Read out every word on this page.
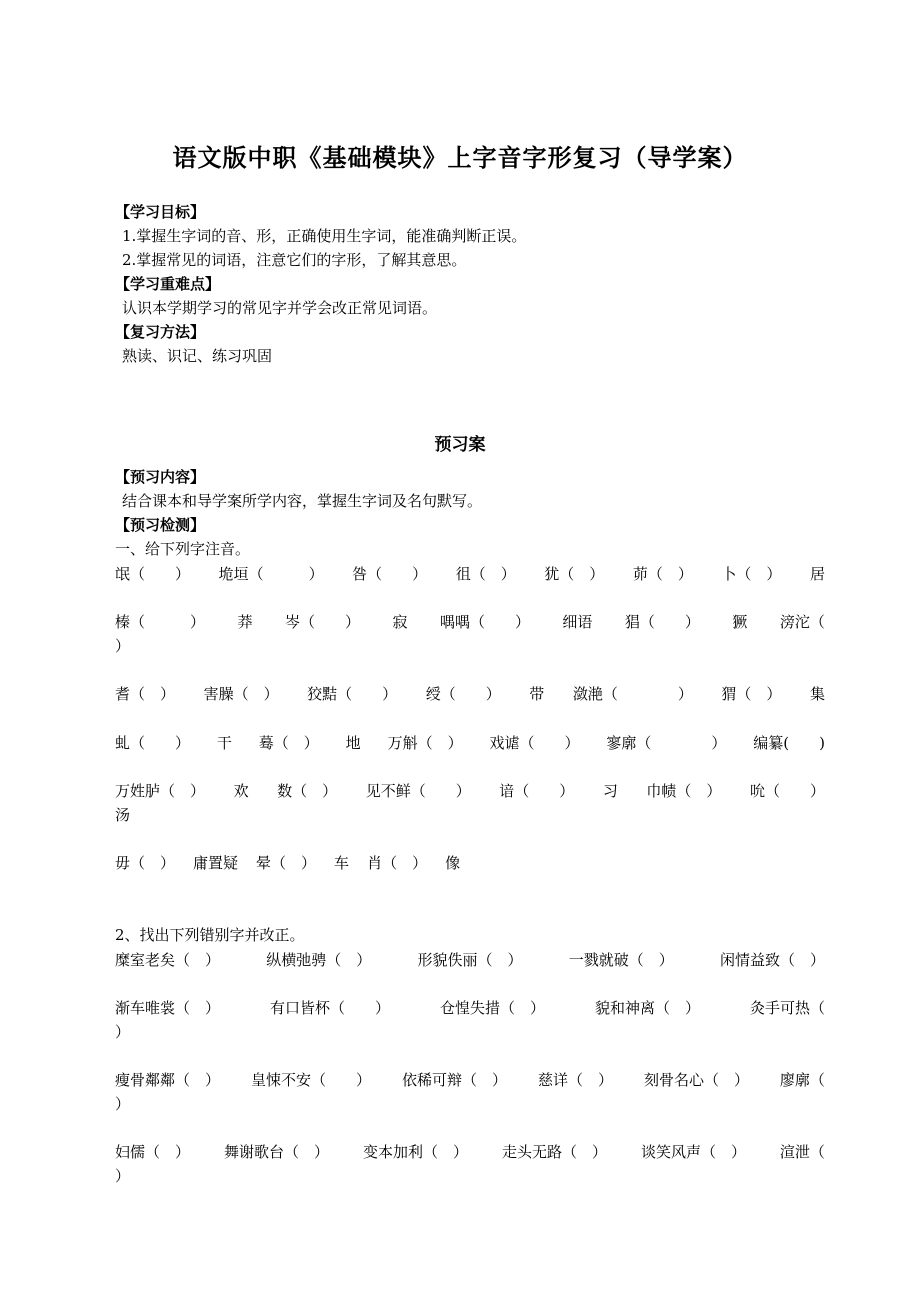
语文版中职《基础模块》上字音字形复习（导学案）
【学习目标】
1.掌握生字词的音、形，正确使用生字词，能准确判断正误。
2.掌握常见的词语，注意它们的字形，了解其意思。
【学习重难点】
认识本学期学习的常见字并学会改正常见词语。
【复习方法】
熟读、识记、练习巩固
预习案
【预习内容】
结合课本和导学案所学内容，掌握生字词及名句默写。
【预习检测】
一、给下列字注音。
氓（　　） 垝垣（　　　） 咎（　　） 徂（　） 犹（　） 茆（　） 卜（　） 居
榛（　　　） 莽 岑（　　） 寂 喁喁（　　） 细语 猖（　　） 獗 滂沱（
）
耆（　） 害臊（　） 狡黠（　　） 绶（　　） 带 潋滟（　　　　） 猬（　） 集
虬（　　） 干 蓦（　） 地 万斛（　） 戏谑（　　） 寥廓（　　　　） 编纂(　　)
万姓胪（　） 欢 数（　） 见不鲜（　　） 谙（　　） 习 巾帻（　） 吮（　　）
汤
毋（　） 庸置疑 晕（　） 车 肖（　） 像
2、找出下列错别字并改正。
糜室老矣（　）	纵横弛骋（　）	形貌佚丽（　）	一戮就破（　）	闲情益致（　）
渐车唯裳（　）	有口皆杯（　　）	仓惶失措（　）	貌和神离（　）	灸手可热（
）
瘦骨鄰鄰（　） 皇悚不安（　　） 依稀可辩（　） 慈详（　） 刻骨名心（　） 廖廓（
）
妇儒（　） 舞谢歌台（　） 变本加利（　） 走头无路（　） 谈笑风声（　） 渲泄（
）
